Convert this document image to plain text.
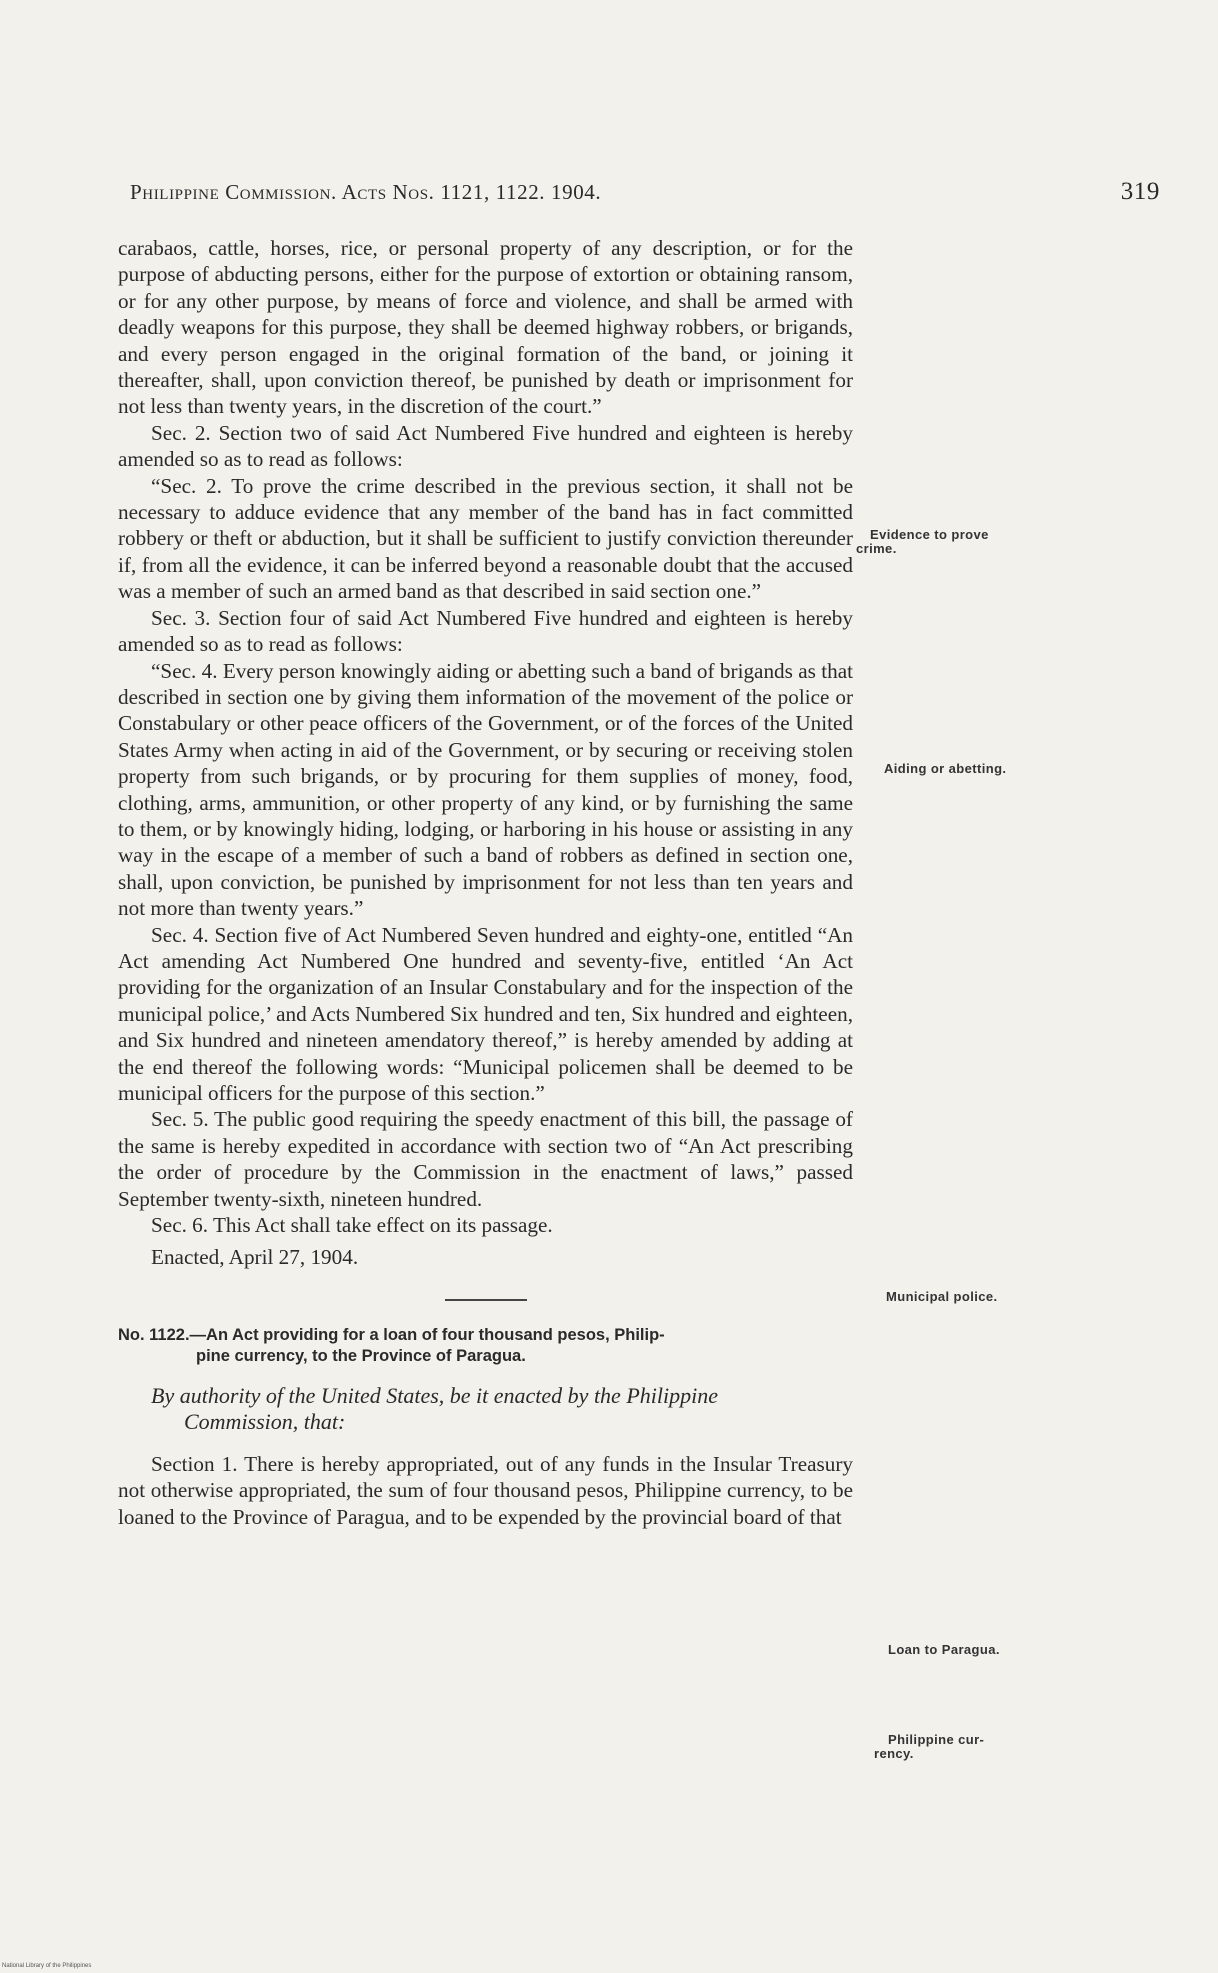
Philippine Commission. Acts Nos. 1121, 1122. 1904.	319

carabaos, cattle, horses, rice, or personal property of any description, or for the purpose of abducting persons, either for the purpose of extortion or obtaining ransom, or for any other purpose, by means of force and violence, and shall be armed with deadly weapons for this purpose, they shall be deemed highway robbers, or brigands, and every person engaged in the original formation of the band, or joining it thereafter, shall, upon conviction thereof, be punished by death or imprisonment for not less than twenty years, in the discretion of the court.”

Sec. 2. Section two of said Act Numbered Five hundred and eighteen is hereby amended so as to read as follows:

“Sec. 2. To prove the crime described in the previous section, it shall not be necessary to adduce evidence that any member of the band has in fact committed robbery or theft or abduction, but it shall be sufficient to justify conviction thereunder if, from all the evidence, it can be inferred beyond a reasonable doubt that the accused was a member of such an armed band as that described in said section one.”

Sec. 3. Section four of said Act Numbered Five hundred and eighteen is hereby amended so as to read as follows:

“Sec. 4. Every person knowingly aiding or abetting such a band of brigands as that described in section one by giving them information of the movement of the police or Constabulary or other peace officers of the Government, or of the forces of the United States Army when acting in aid of the Government, or by securing or receiving stolen property from such brigands, or by procuring for them supplies of money, food, clothing, arms, ammunition, or other property of any kind, or by furnishing the same to them, or by knowingly hiding, lodging, or harboring in his house or assisting in any way in the escape of a member of such a band of robbers as defined in section one, shall, upon conviction, be punished by imprisonment for not less than ten years and not more than twenty years.”

Sec. 4. Section five of Act Numbered Seven hundred and eighty-one, entitled “An Act amending Act Numbered One hundred and seventy-five, entitled ‘An Act providing for the organization of an Insular Constabulary and for the inspection of the municipal police,’ and Acts Numbered Six hundred and ten, Six hundred and eighteen, and Six hundred and nineteen amendatory thereof,” is hereby amended by adding at the end thereof the following words: “Municipal policemen shall be deemed to be municipal officers for the purpose of this section.”

Sec. 5. The public good requiring the speedy enactment of this bill, the passage of the same is hereby expedited in accordance with section two of “An Act prescribing the order of procedure by the Commission in the enactment of laws,” passed September twenty-sixth, nineteen hundred.

Sec. 6. This Act shall take effect on its passage.

Enacted, April 27, 1904.

No. 1122.—An Act providing for a loan of four thousand pesos, Philip-
pine currency, to the Province of Paragua.

By authority of the United States, be it enacted by the Philippine
Commission, that:

Section 1. There is hereby appropriated, out of any funds in the Insular Treasury not otherwise appropriated, the sum of four thousand pesos, Philippine currency, to be loaned to the Province of Paragua, and to be expended by the provincial board of that

Evidence to prove
crime.
Aiding or abetting.
Municipal police.
Loan to Paragua.
Philippine cur-
rency.
National Library of the Philippines
